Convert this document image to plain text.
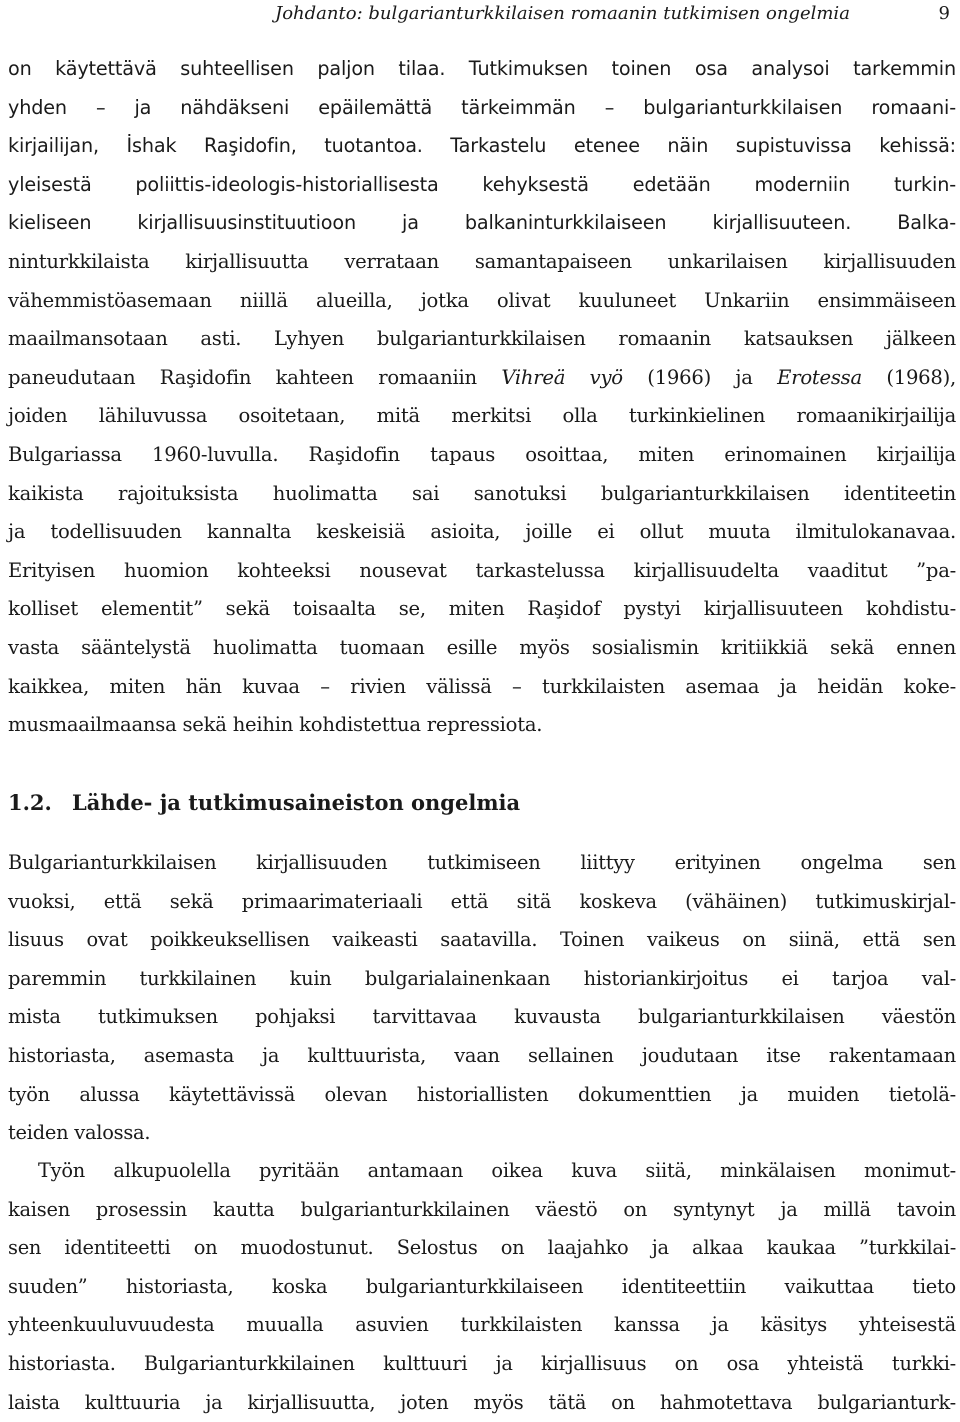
Johdanto: bulgarianturkkilaisen romaanin tutkimisen ongelmia	9
on käytettävä suhteellisen paljon tilaa. Tutkimuksen toinen osa analysoi tarkemmin
yhden – ja nähdäkseni epäilemättä tärkeimmän – bulgarianturkkilaisen romaani-
kirjailijan, İshak Raşidofin, tuotantoa. Tarkastelu etenee näin supistuvissa kehissä:
yleisestä poliittis-ideologis-historiallisesta kehyksestä edetään moderniin turkin-
kieliseen kirjallisuusinstituutioon ja balkaninturkkilaiseen kirjallisuuteen. Balka-
ninturkkilaista kirjallisuutta verrataan samantapaiseen unkarilaisen kirjallisuuden
vähemmistöasemaan niillä alueilla, jotka olivat kuuluneet Unkariin ensimmäiseen
maailmansotaan asti. Lyhyen bulgarianturkkilaisen romaanin katsauksen jälkeen
paneudutaan Raşidofin kahteen romaaniin Vihreä vyö (1966) ja Erotessa (1968),
joiden lähiluvussa osoitetaan, mitä merkitsi olla turkinkielinen romaanikirjailija
Bulgariassa 1960-luvulla. Raşidofin tapaus osoittaa, miten erinomainen kirjailija
kaikista rajoituksista huolimatta sai sanotuksi bulgarianturkkilaisen identiteetin
ja todellisuuden kannalta keskeisiä asioita, joille ei ollut muuta ilmitulokanavaa.
Erityisen huomion kohteeksi nousevat tarkastelussa kirjallisuudelta vaaditut ”pa-
kolliset elementit” sekä toisaalta se, miten Raşidof pystyi kirjallisuuteen kohdistu-
vasta sääntelystä huolimatta tuomaan esille myös sosialismin kritiikkiä sekä ennen
kaikkea, miten hän kuvaa – rivien välissä – turkkilaisten asemaa ja heidän koke-
musmaailmaansa sekä heihin kohdistettua repressiota.
1.2. Lähde- ja tutkimusaineiston ongelmia
Bulgarianturkkilaisen kirjallisuuden tutkimiseen liittyy erityinen ongelma sen
vuoksi, että sekä primaarimateriaali että sitä koskeva (vähäinen) tutkimuskirjal-
lisuus ovat poikkeuksellisen vaikeasti saatavilla. Toinen vaikeus on siinä, että sen
paremmin turkkilainen kuin bulgarialainenkaan historiankirjoitus ei tarjoa val-
mista tutkimuksen pohjaksi tarvittavaa kuvausta bulgarianturkkilaisen väestön
historiasta, asemasta ja kulttuurista, vaan sellainen joudutaan itse rakentamaan
työn alussa käytettävissä olevan historiallisten dokumenttien ja muiden tietolä-
teiden valossa.
Työn alkupuolella pyritään antamaan oikea kuva siitä, minkälaisen monimut-
kaisen prosessin kautta bulgarianturkkilainen väestö on syntynyt ja millä tavoin
sen identiteetti on muodostunut. Selostus on laajahko ja alkaa kaukaa ”turkkilai-
suuden” historiasta, koska bulgarianturkkilaiseen identiteettiin vaikuttaa tieto
yhteenkuuluvuudesta muualla asuvien turkkilaisten kanssa ja käsitys yhteisestä
historiasta. Bulgarianturkkilainen kulttuuri ja kirjallisuus on osa yhteistä turkki-
laista kulttuuria ja kirjallisuutta, joten myös tätä on hahmotettava bulgarianturk-
